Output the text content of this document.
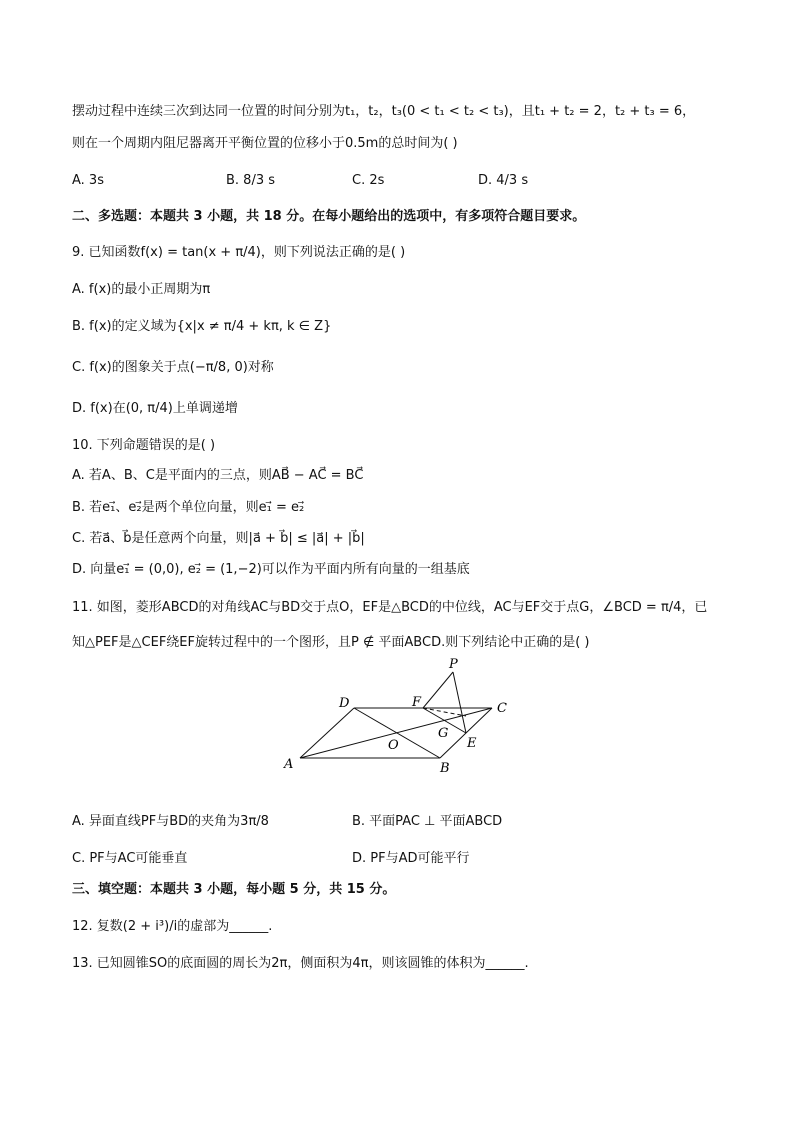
摆动过程中连续三次到达同一位置的时间分别为t₁，t₂，t₃(0 < t₁ < t₂ < t₃)，且t₁ + t₂ = 2，t₂ + t₃ = 6，
则在一个周期内阻尼器离开平衡位置的位移小于0.5m的总时间为( )
A. 3s	B. 8/3 s	C. 2s	D. 4/3 s
二、多选题：本题共 3 小题，共 18 分。在每小题给出的选项中，有多项符合题目要求。
9. 已知函数f(x) = tan(x + π/4)，则下列说法正确的是( )
A. f(x)的最小正周期为π
B. f(x)的定义域为{x|x ≠ π/4 + kπ, k ∈ Z}
C. f(x)的图象关于点(−π/8, 0)对称
D. f(x)在(0, π/4)上单调递增
10. 下列命题错误的是( )
A. 若A、B、C是平面内的三点，则AB⃗ − AC⃗ = BC⃗
B. 若e₁⃗、e₂⃗是两个单位向量，则e₁⃗ = e₂⃗
C. 若a⃗、b⃗是任意两个向量，则|a⃗ + b⃗| ≤ |a⃗| + |b⃗|
D. 向量e₁⃗ = (0,0), e₂⃗ = (1,−2)可以作为平面内所有向量的一组基底
11. 如图，菱形ABCD的对角线AC与BD交于点O，EF是△BCD的中位线，AC与EF交于点G，∠BCD = π/4，已
知△PEF是△CEF绕EF旋转过程中的一个图形，且P ∉ 平面ABCD.则下列结论中正确的是( )
P
D	F	C
G
E
O
A	B
A. 异面直线PF与BD的夹角为3π/8	B. 平面PAC ⊥ 平面ABCD
C. PF与AC可能垂直	D. PF与AD可能平行
三、填空题：本题共 3 小题，每小题 5 分，共 15 分。
12. 复数(2 + i³)/i的虚部为______.
13. 已知圆锥SO的底面圆的周长为2π，侧面积为4π，则该圆锥的体积为______.
